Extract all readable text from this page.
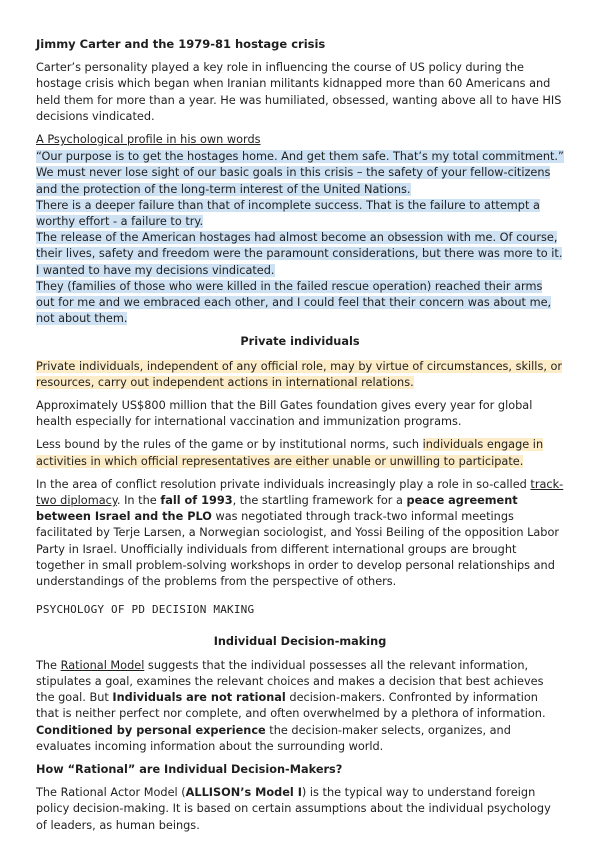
Jimmy Carter and the 1979-81 hostage crisis

Carter’s personality played a key role in influencing the course of US policy during the hostage crisis which began when Iranian militants kidnapped more than 60 Americans and held them for more than a year. He was humiliated, obsessed, wanting above all to have HIS decisions vindicated.

A Psychological profile in his own words
“Our purpose is to get the hostages home. And get them safe. That’s my total commitment.”
We must never lose sight of our basic goals in this crisis – the safety of your fellow-citizens and the protection of the long-term interest of the United Nations.
There is a deeper failure than that of incomplete success. That is the failure to attempt a worthy effort - a failure to try.
The release of the American hostages had almost become an obsession with me. Of course, their lives, safety and freedom were the paramount considerations, but there was more to it. I wanted to have my decisions vindicated.
They (families of those who were killed in the failed rescue operation) reached their arms out for me and we embraced each other, and I could feel that their concern was about me, not about them.
Private individuals

Private individuals, independent of any official role, may by virtue of circumstances, skills, or resources, carry out independent actions in international relations.

Approximately US$800 million that the Bill Gates foundation gives every year for global health especially for international vaccination and immunization programs.

Less bound by the rules of the game or by institutional norms, such individuals engage in activities in which official representatives are either unable or unwilling to participate.

In the area of conflict resolution private individuals increasingly play a role in so-called track-two diplomacy. In the fall of 1993, the startling framework for a peace agreement between Israel and the PLO was negotiated through track-two informal meetings facilitated by Terje Larsen, a Norwegian sociologist, and Yossi Beiling of the opposition Labor Party in Israel. Unofficially individuals from different international groups are brought together in small problem-solving workshops in order to develop personal relationships and understandings of the problems from the perspective of others.

PSYCHOLOGY OF PD DECISION MAKING
Individual Decision-making

The Rational Model suggests that the individual possesses all the relevant information, stipulates a goal, examines the relevant choices and makes a decision that best achieves the goal. But Individuals are not rational decision-makers. Confronted by information that is neither perfect nor complete, and often overwhelmed by a plethora of information. Conditioned by personal experience the decision-maker selects, organizes, and evaluates incoming information about the surrounding world.

How “Rational” are Individual Decision-Makers?

The Rational Actor Model (ALLISON’s Model I) is the typical way to understand foreign policy decision-making. It is based on certain assumptions about the individual psychology of leaders, as human beings.
